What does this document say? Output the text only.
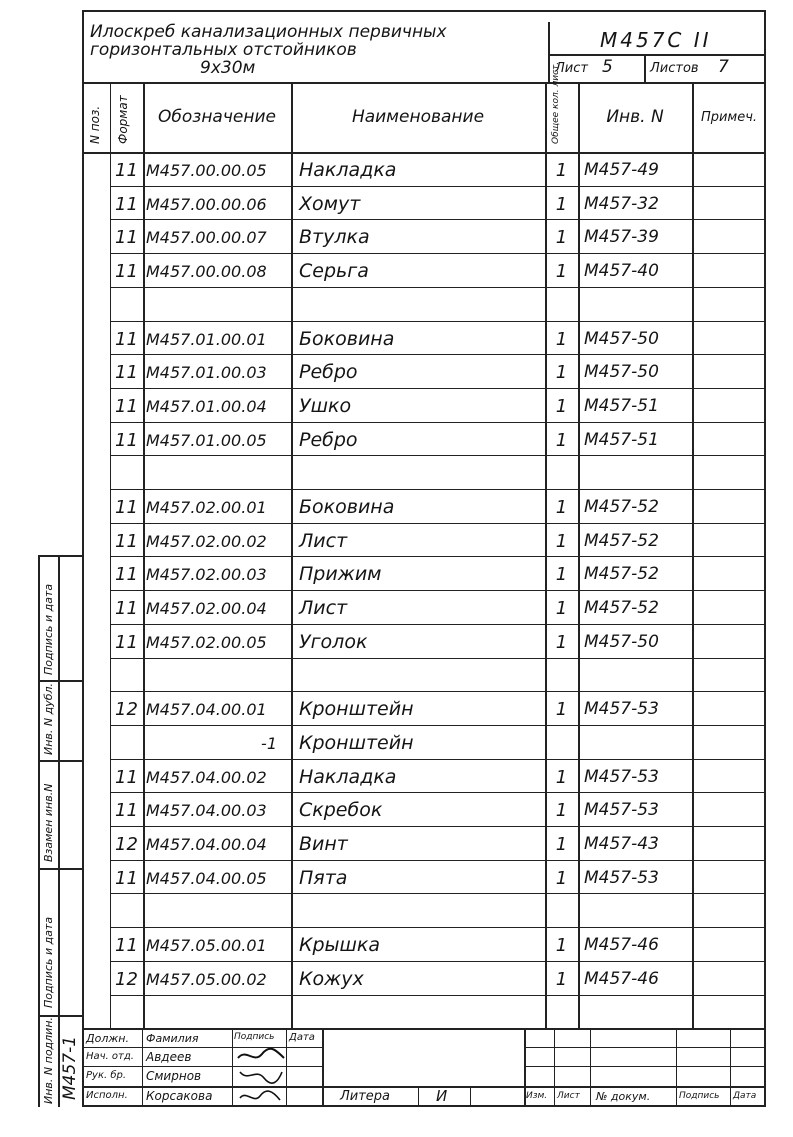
Илоскреб канализационных первичных
горизонтальных отстойников
9х30м
М457С II
Лист 5	Листов 7
N поз. Формат	Обозначение	Наименование	Общее кол. лист.	Инв. N	Примеч.
11 М457.00.00.05	Накладка	1 М457-49
11 М457.00.00.06	Хомут	1 М457-32
11 М457.00.00.07	Втулка	1 М457-39
11 М457.00.00.08	Серьга	1 М457-40
11 М457.01.00.01	Боковина	1 М457-50
11 М457.01.00.03	Ребро	1 М457-50
11 М457.01.00.04	Ушко	1 М457-51
11 М457.01.00.05	Ребро	1 М457-51
11 М457.02.00.01	Боковина	1 М457-52
11 М457.02.00.02	Лист	1 М457-52
11 М457.02.00.03	Прижим	1 М457-52
11 М457.02.00.04	Лист	1 М457-52
11 М457.02.00.05	Уголок	1 М457-50
12 М457.04.00.01	Кронштейн	1 М457-53
-1	Кронштейн
11 М457.04.00.02	Накладка	1 М457-53
11 М457.04.00.03	Скребок	1 М457-53
12 М457.04.00.04	Винт	1 М457-43
11 М457.04.00.05	Пята	1 М457-53
11 М457.05.00.01	Крышка	1 М457-46
12 М457.05.00.02	Кожух	1 М457-46
Подпись и дата
Инв. N дубл.
Взамен инв.N
Подпись и дата
Инв. N подлин. М457-1 Должн. Фамилия	Подпись Дата
Нач. отд. Авдеев
Рук. бр. Смирнов
Исполн. Корсакова	Литера	И	Изм. Лист № докум.	Подпись Дата
